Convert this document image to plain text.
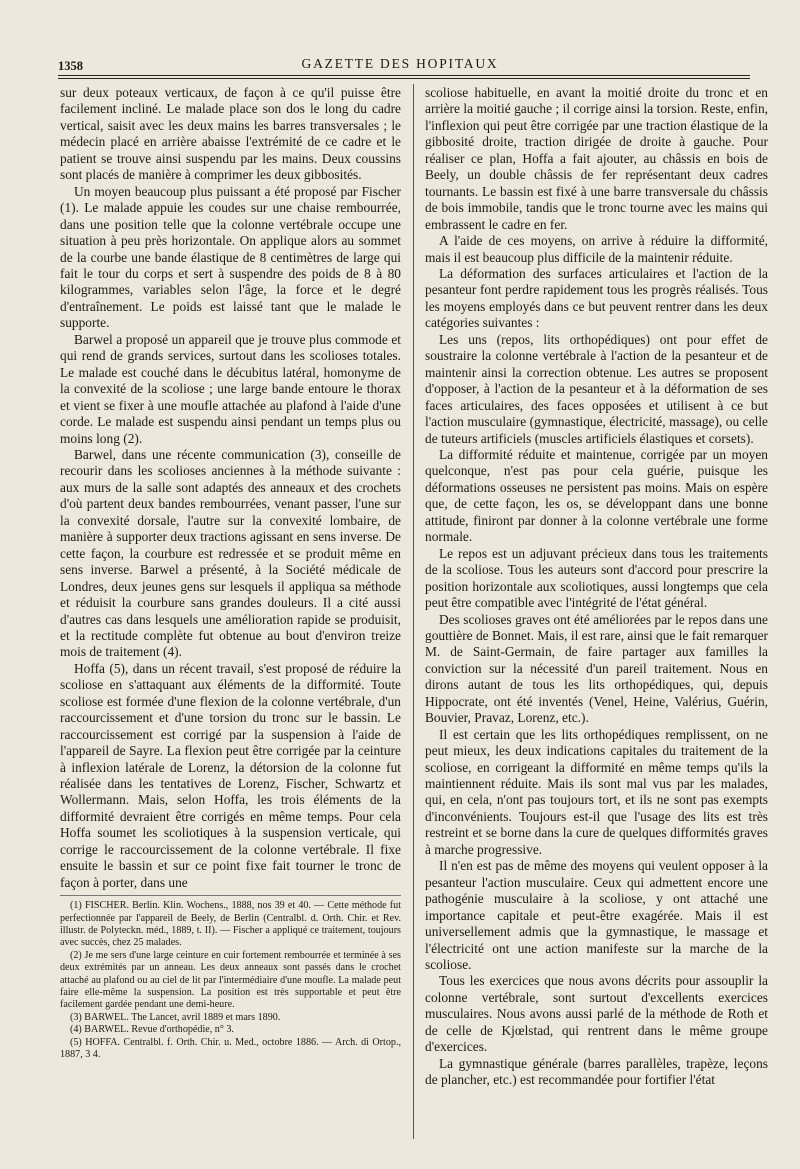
1358	GAZETTE DES HOPITAUX

sur deux poteaux verticaux, de façon à ce qu'il puisse être facilement incliné. Le malade place son dos le long du cadre vertical, saisit avec les deux mains les barres transversales ; le médecin placé en arrière abaisse l'extrémité de ce cadre et le patient se trouve ainsi suspendu par les mains. Deux coussins sont placés de manière à comprimer les deux gibbosités.

Un moyen beaucoup plus puissant a été proposé par Fischer (1). Le malade appuie les coudes sur une chaise rembourrée, dans une position telle que la colonne vertébrale occupe une situation à peu près horizontale. On applique alors au sommet de la courbe une bande élastique de 8 centimètres de large qui fait le tour du corps et sert à suspendre des poids de 8 à 80 kilogrammes, variables selon l'âge, la force et le degré d'entraînement. Le poids est laissé tant que le malade le supporte.

Barwel a proposé un appareil que je trouve plus commode et qui rend de grands services, surtout dans les scolioses totales. Le malade est couché dans le décubitus latéral, homonyme de la convexité de la scoliose ; une large bande entoure le thorax et vient se fixer à une moufle attachée au plafond à l'aide d'une corde. Le malade est suspendu ainsi pendant un temps plus ou moins long (2).

Barwel, dans une récente communication (3), conseille de recourir dans les scolioses anciennes à la méthode suivante : aux murs de la salle sont adaptés des anneaux et des crochets d'où partent deux bandes rembourrées, venant passer, l'une sur la convexité dorsale, l'autre sur la convexité lombaire, de manière à supporter deux tractions agissant en sens inverse. De cette façon, la courbure est redressée et se produit même en sens inverse. Barwel a présenté, à la Société médicale de Londres, deux jeunes gens sur lesquels il appliqua sa méthode et réduisit la courbure sans grandes douleurs. Il a cité aussi d'autres cas dans lesquels une amélioration rapide se produisit, et la rectitude complète fut obtenue au bout d'environ treize mois de traitement (4).

Hoffa (5), dans un récent travail, s'est proposé de réduire la scoliose en s'attaquant aux éléments de la difformité. Toute scoliose est formée d'une flexion de la colonne vertébrale, d'un raccourcissement et d'une torsion du tronc sur le bassin. Le raccourcissement est corrigé par la suspension à l'aide de l'appareil de Sayre. La flexion peut être corrigée par la ceinture à inflexion latérale de Lorenz, la détorsion de la colonne fut réalisée dans les tentatives de Lorenz, Fischer, Schwartz et Wollermann. Mais, selon Hoffa, les trois éléments de la difformité devraient être corrigés en même temps. Pour cela Hoffa soumet les scoliotiques à la suspension verticale, qui corrige le raccourcissement de la colonne vertébrale. Il fixe ensuite le bassin et sur ce point fixe fait tourner le tronc de façon à porter, dans une

(1) FISCHER. Berlin. Klin. Wochens., 1888, nos 39 et 40. — Cette méthode fut perfectionnée par l'appareil de Beely, de Berlin (Centralbl. d. Orth. Chir. et Rev. illustr. de Polyteckn. méd., 1889, t. II). — Fischer a appliqué ce traitement, toujours avec succès, chez 25 malades.

(2) Je me sers d'une large ceinture en cuir fortement rembourrée et terminée à ses deux extrémités par un anneau. Les deux anneaux sont passés dans le crochet attaché au plafond ou au ciel de lit par l'intermédiaire d'une moufle. La malade peut faire elle-même la suspension. La position est très supportable et peut être facilement gardée pendant une demi-heure.

(3) BARWEL. The Lancet, avril 1889 et mars 1890.

(4) BARWEL. Revue d'orthopédie, n° 3.

(5) HOFFA. Centralbl. f. Orth. Chir. u. Med., octobre 1886. — Arch. di Ortop., 1887, 3 4.

scoliose habituelle, en avant la moitié droite du tronc et en arrière la moitié gauche ; il corrige ainsi la torsion. Reste, enfin, l'inflexion qui peut être corrigée par une traction élastique de la gibbosité droite, traction dirigée de droite à gauche. Pour réaliser ce plan, Hoffa a fait ajouter, au châssis en bois de Beely, un double châssis de fer représentant deux cadres tournants. Le bassin est fixé à une barre transversale du châssis de bois immobile, tandis que le tronc tourne avec les mains qui embrassent le cadre en fer.

A l'aide de ces moyens, on arrive à réduire la difformité, mais il est beaucoup plus difficile de la maintenir réduite.

La déformation des surfaces articulaires et l'action de la pesanteur font perdre rapidement tous les progrès réalisés. Tous les moyens employés dans ce but peuvent rentrer dans les deux catégories suivantes :

Les uns (repos, lits orthopédiques) ont pour effet de soustraire la colonne vertébrale à l'action de la pesanteur et de maintenir ainsi la correction obtenue. Les autres se proposent d'opposer, à l'action de la pesanteur et à la déformation de ses faces articulaires, des faces opposées et utilisent à ce but l'action musculaire (gymnastique, électricité, massage), ou celle de tuteurs artificiels (muscles artificiels élastiques et corsets).

La difformité réduite et maintenue, corrigée par un moyen quelconque, n'est pas pour cela guérie, puisque les déformations osseuses ne persistent pas moins. Mais on espère que, de cette façon, les os, se développant dans une bonne attitude, finiront par donner à la colonne vertébrale une forme normale.

Le repos est un adjuvant précieux dans tous les traitements de la scoliose. Tous les auteurs sont d'accord pour prescrire la position horizontale aux scoliotiques, aussi longtemps que cela peut être compatible avec l'intégrité de l'état général.

Des scolioses graves ont été améliorées par le repos dans une gouttière de Bonnet. Mais, il est rare, ainsi que le fait remarquer M. de Saint-Germain, de faire partager aux familles la conviction sur la nécessité d'un pareil traitement. Nous en dirons autant de tous les lits orthopédiques, qui, depuis Hippocrate, ont été inventés (Venel, Heine, Valérius, Guérin, Bouvier, Pravaz, Lorenz, etc.).

Il est certain que les lits orthopédiques remplissent, on ne peut mieux, les deux indications capitales du traitement de la scoliose, en corrigeant la difformité en même temps qu'ils la maintiennent réduite. Mais ils sont mal vus par les malades, qui, en cela, n'ont pas toujours tort, et ils ne sont pas exempts d'inconvénients. Toujours est-il que l'usage des lits est très restreint et se borne dans la cure de quelques difformités graves à marche progressive.

Il n'en est pas de même des moyens qui veulent opposer à la pesanteur l'action musculaire. Ceux qui admettent encore une pathogénie musculaire à la scoliose, y ont attaché une importance capitale et peut-être exagérée. Mais il est universellement admis que la gymnastique, le massage et l'électricité ont une action manifeste sur la marche de la scoliose.

Tous les exercices que nous avons décrits pour assouplir la colonne vertébrale, sont surtout d'excellents exercices musculaires. Nous avons aussi parlé de la méthode de Roth et de celle de Kjœlstad, qui rentrent dans le même groupe d'exercices.

La gymnastique générale (barres parallèles, trapèze, leçons de plancher, etc.) est recommandée pour fortifier l'état
